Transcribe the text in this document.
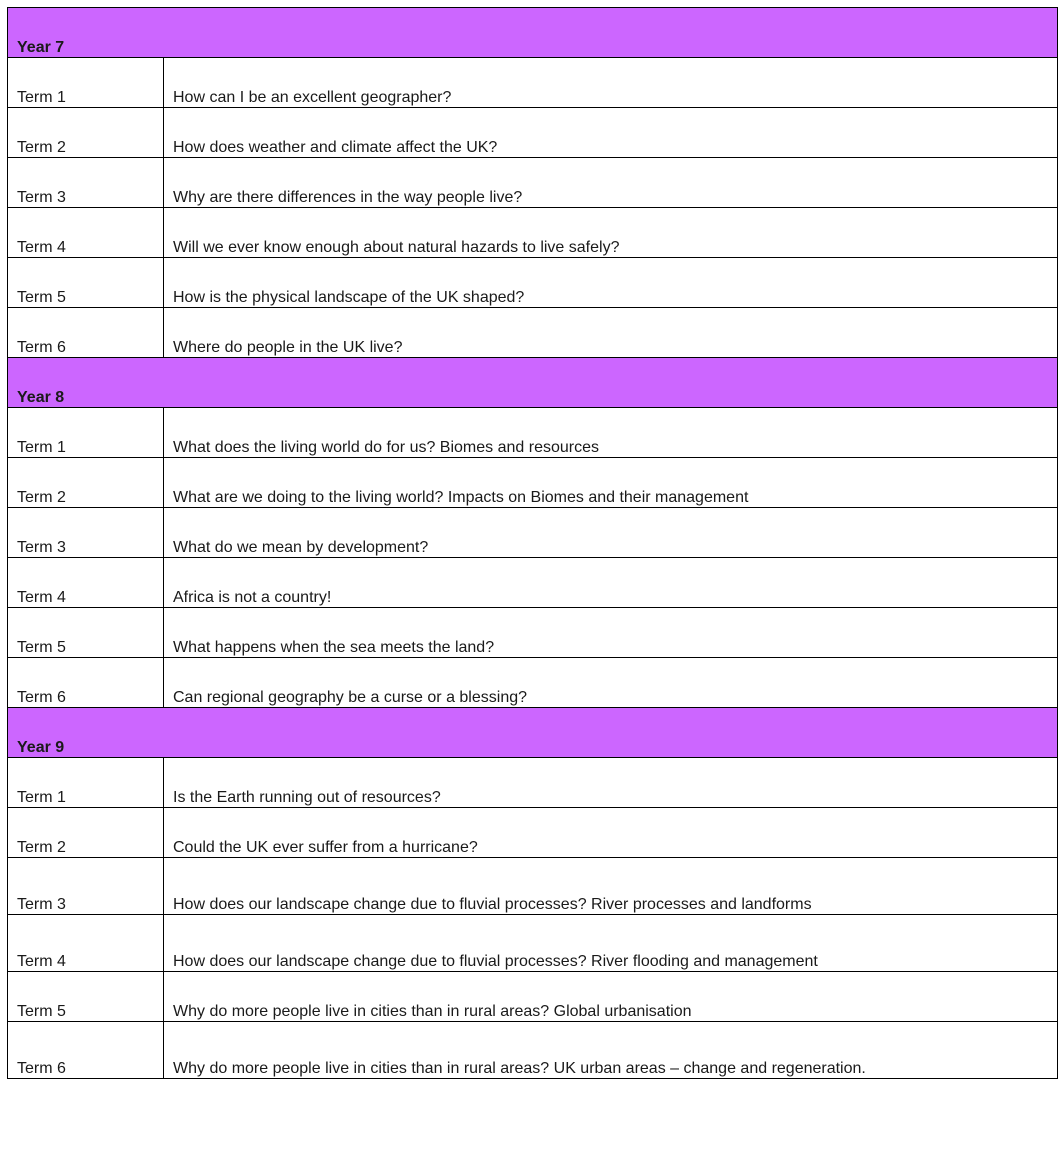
Year 7	
Term 1	How can I be an excellent geographer?
Term 2	How does weather and climate affect the UK?
Term 3	Why are there differences in the way people live?
Term 4	Will we ever know enough about natural hazards to live safely?
Term 5	How is the physical landscape of the UK shaped?
Term 6	Where do people in the UK live?
Year 8	
Term 1	What does the living world do for us? Biomes and resources
Term 2	What are we doing to the living world? Impacts on Biomes and their management
Term 3	What do we mean by development?
Term 4	Africa is not a country!
Term 5	What happens when the sea meets the land?
Term 6	Can regional geography be a curse or a blessing?
Year 9	
Term 1	Is the Earth running out of resources?
Term 2	Could the UK ever suffer from a hurricane?
Term 3	How does our landscape change due to fluvial processes? River processes and landforms
Term 4	How does our landscape change due to fluvial processes? River flooding and management
Term 5	Why do more people live in cities than in rural areas? Global urbanisation
Term 6	Why do more people live in cities than in rural areas? UK urban areas – change and regeneration.
